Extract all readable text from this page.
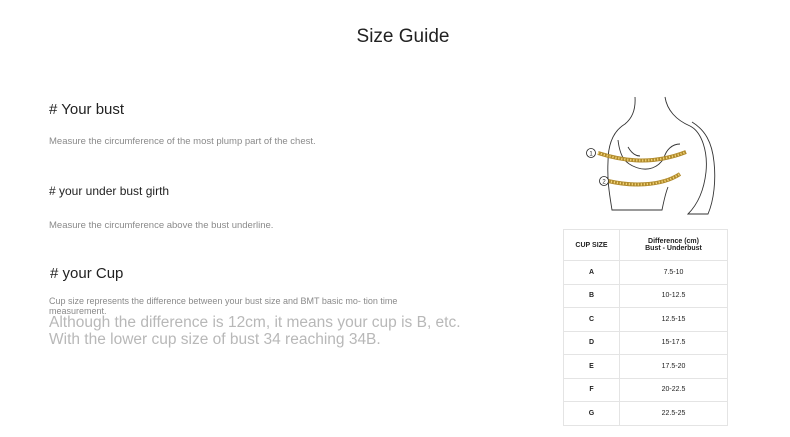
Size Guide
# Your bust
Measure the circumference of the most plump part of the chest.
# your under bust girth
Measure the circumference above the bust underline.
# your Cup
Cup size represents the difference between your bust size and BMT basic mo- tion time measurement.
Although the difference is 12cm, it means your cup is B, etc. With the lower cup size of bust 34 reaching 34B.
1
2
CUP SIZE	Difference (cm)
Bust - Underbust

A	7.5-10
B	10-12.5
C	12.5-15
D	15-17.5
E	17.5-20
F	20-22.5
G	22.5-25
